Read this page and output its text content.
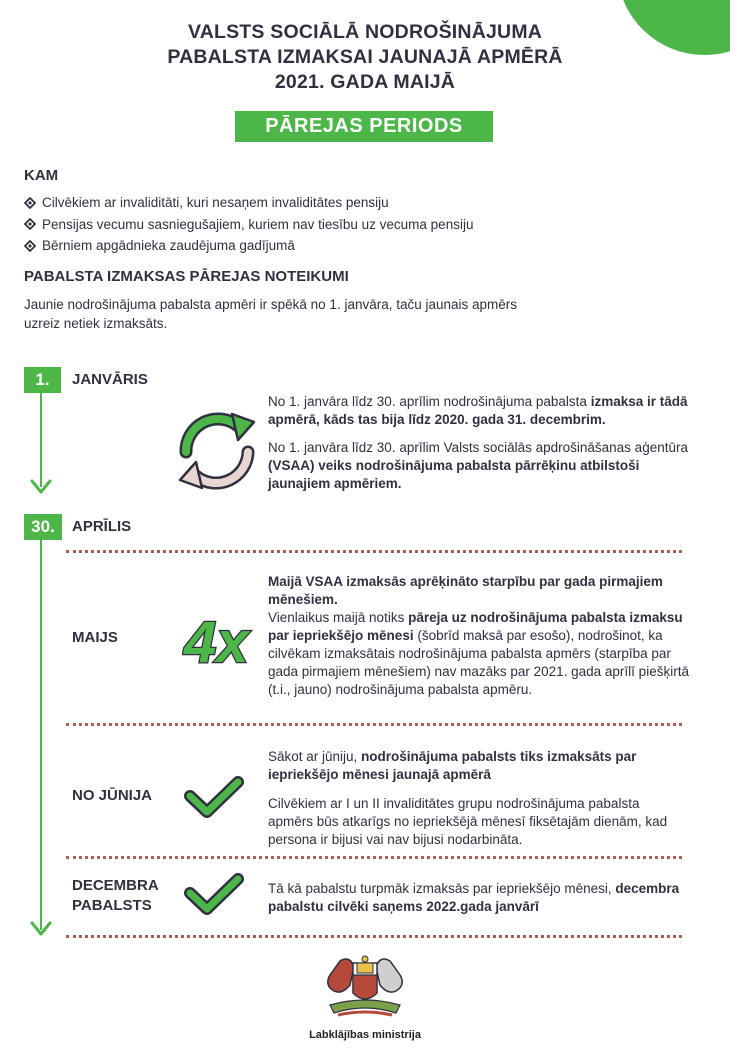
VALSTS SOCIĀLĀ NODROŠINĀJUMA
PABALSTA IZMAKSAI JAUNAJĀ APMĒRĀ
2021. GADA MAIJĀ
PĀREJAS PERIODS
KAM
Cilvēkiem ar invaliditāti, kuri nesaņem invaliditātes pensiju
Pensijas vecumu sasniegušajiem, kuriem nav tiesību uz vecuma pensiju
Bērniem apgādnieka zaudējuma gadījumā
PABALSTA IZMAKSAS PĀREJAS NOTEIKUMI
Jaunie nodrošinājuma pabalsta apmēri ir spēkā no 1. janvāra, taču jaunais apmērs uzreiz netiek izmaksāts.
1.	JANVĀRIS

No 1. janvāra līdz 30. aprīlim nodrošinājuma pabalsta izmaksa ir tādā apmērā, kāds tas bija līdz 2020. gada 31. decembrim.

No 1. janvāra līdz 30. aprīlim Valsts sociālās apdrošināšanas aģentūra (VSAA) veiks nodrošinājuma pabalsta pārrēķinu atbilstoši jaunajiem apmēriem.

30.	APRĪLIS
MAIJS 4x

Maijā VSAA izmaksās aprēķināto starpību par gada pirmajiem mēnešiem.

Vienlaikus maijā notiks pāreja uz nodrošinājuma pabalsta izmaksu par iepriekšējo mēnesi (šobrīd maksā par esošo), nodrošinot, ka cilvēkam izmaksātais nodrošinājuma pabalsta apmērs (starpība par gada pirmajiem mēnešiem) nav mazāks par 2021. gada aprīlī piešķirtā (t.i., jauno) nodrošinājuma pabalsta apmēru.

NO JŪNIJA

Sākot ar jūniju, nodrošinājuma pabalsts tiks izmaksāts par iepriekšējo mēnesi jaunajā apmērā

Cilvēkiem ar I un II invaliditātes grupu nodrošinājuma pabalsta apmērs būs atkarīgs no iepriekšējā mēnesī fiksētajām dienām, kad persona ir bijusi vai nav bijusi nodarbināta.

DECEMBRA
PABALSTS

Tā kā pabalstu turpmāk izmaksās par iepriekšējo mēnesi, decembra pabalstu cilvēki saņems 2022.gada janvārī

Labklājības ministrija
